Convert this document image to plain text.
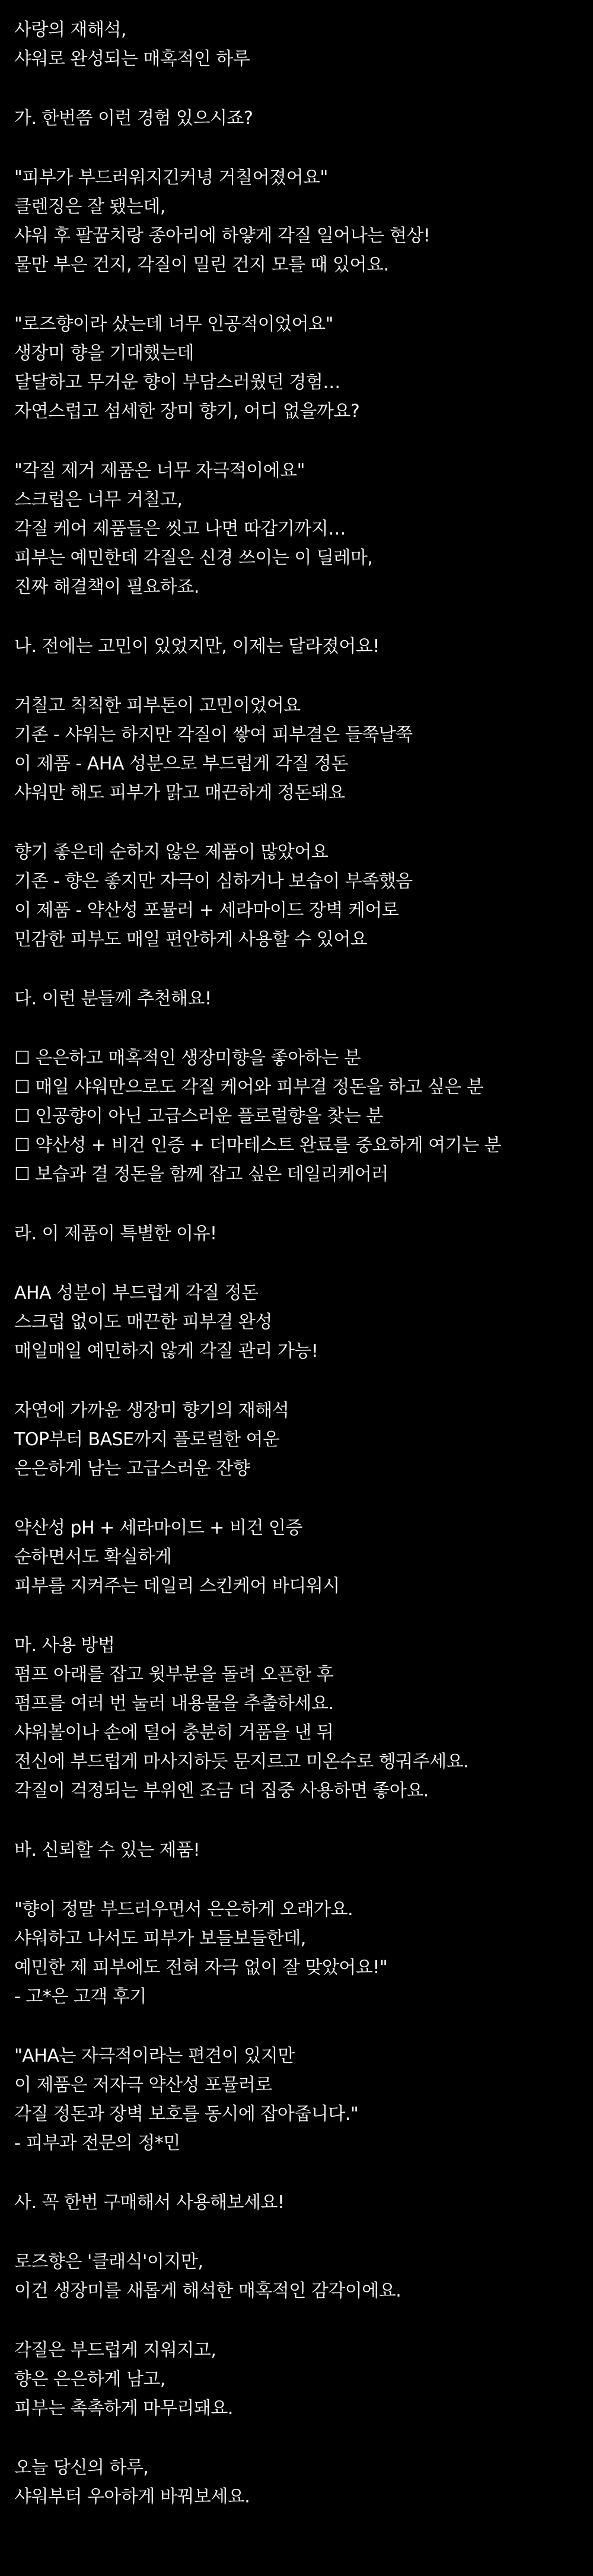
사랑의 재해석,
샤워로 완성되는 매혹적인 하루
가. 한번쯤 이런 경험 있으시죠?
"피부가 부드러워지긴커녕 거칠어졌어요"
클렌징은 잘 됐는데,
샤워 후 팔꿈치랑 종아리에 하얗게 각질 일어나는 현상!
물만 부은 건지, 각질이 밀린 건지 모를 때 있어요.
"로즈향이라 샀는데 너무 인공적이었어요"
생장미 향을 기대했는데
달달하고 무거운 향이 부담스러웠던 경험…
자연스럽고 섬세한 장미 향기, 어디 없을까요?
"각질 제거 제품은 너무 자극적이에요"
스크럽은 너무 거칠고,
각질 케어 제품들은 씻고 나면 따갑기까지…
피부는 예민한데 각질은 신경 쓰이는 이 딜레마,
진짜 해결책이 필요하죠.
나. 전에는 고민이 있었지만, 이제는 달라졌어요!
거칠고 칙칙한 피부톤이 고민이었어요
기존 - 샤워는 하지만 각질이 쌓여 피부결은 들쭉날쭉
이 제품 - AHA 성분으로 부드럽게 각질 정돈
샤워만 해도 피부가 맑고 매끈하게 정돈돼요
향기 좋은데 순하지 않은 제품이 많았어요
기존 - 향은 좋지만 자극이 심하거나 보습이 부족했음
이 제품 - 약산성 포뮬러 + 세라마이드 장벽 케어로
민감한 피부도 매일 편안하게 사용할 수 있어요
다. 이런 분들께 추천해요!
☐ 은은하고 매혹적인 생장미향을 좋아하는 분
☐ 매일 샤워만으로도 각질 케어와 피부결 정돈을 하고 싶은 분
☐ 인공향이 아닌 고급스러운 플로럴향을 찾는 분
☐ 약산성 + 비건 인증 + 더마테스트 완료를 중요하게 여기는 분
☐ 보습과 결 정돈을 함께 잡고 싶은 데일리케어러
라. 이 제품이 특별한 이유!
AHA 성분이 부드럽게 각질 정돈
스크럽 없이도 매끈한 피부결 완성
매일매일 예민하지 않게 각질 관리 가능!
자연에 가까운 생장미 향기의 재해석
TOP부터 BASE까지 플로럴한 여운
은은하게 남는 고급스러운 잔향
약산성 pH + 세라마이드 + 비건 인증
순하면서도 확실하게
피부를 지켜주는 데일리 스킨케어 바디워시
마. 사용 방법
펌프 아래를 잡고 윗부분을 돌려 오픈한 후
펌프를 여러 번 눌러 내용물을 추출하세요.
샤워볼이나 손에 덜어 충분히 거품을 낸 뒤
전신에 부드럽게 마사지하듯 문지르고 미온수로 헹궈주세요.
각질이 걱정되는 부위엔 조금 더 집중 사용하면 좋아요.
바. 신뢰할 수 있는 제품!
"향이 정말 부드러우면서 은은하게 오래가요.
샤워하고 나서도 피부가 보들보들한데,
예민한 제 피부에도 전혀 자극 없이 잘 맞았어요!"
- 고*은 고객 후기
"AHA는 자극적이라는 편견이 있지만
이 제품은 저자극 약산성 포뮬러로
각질 정돈과 장벽 보호를 동시에 잡아줍니다."
- 피부과 전문의 정*민
사. 꼭 한번 구매해서 사용해보세요!
로즈향은 '클래식'이지만,
이건 생장미를 새롭게 해석한 매혹적인 감각이에요.
각질은 부드럽게 지워지고,
향은 은은하게 남고,
피부는 촉촉하게 마무리돼요.
오늘 당신의 하루,
샤워부터 우아하게 바꿔보세요.
